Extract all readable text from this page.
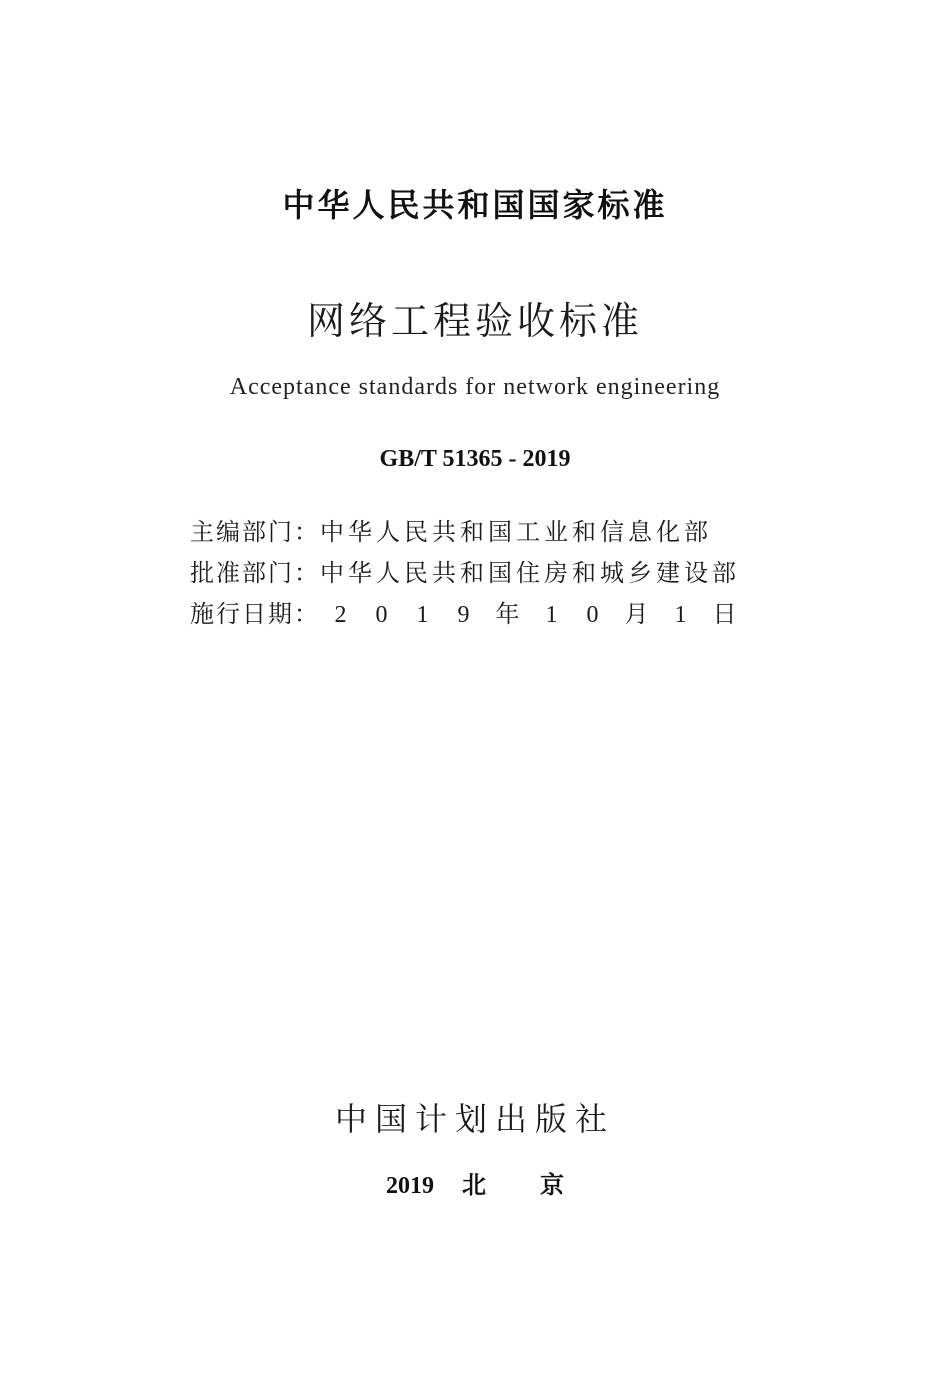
中华人民共和国国家标准
网络工程验收标准
Acceptance standards for network engineering
GB/T 51365 - 2019
主编部门： 中华人民共和国工业和信息化部
批准部门： 中华人民共和国住房和城乡建设部
施行日期： 2	0	1	9	年	1	0	月	1	日
中国计划出版社
2019 北京
